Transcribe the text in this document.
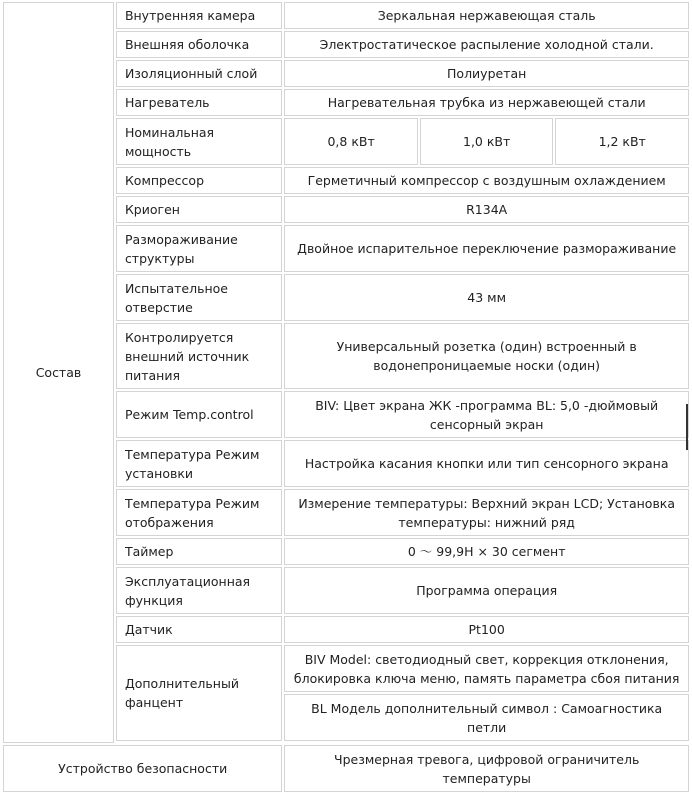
Состав	Внутренняя камера	Зеркальная нержавеющая сталь		
	Внешняя оболочка	Электростатическое распыление холодной стали.		
	Изоляционный слой	Полиуретан		
	Нагреватель	Нагревательная трубка из нержавеющей стали		
	Номинальная мощность	0,8 кВт	1,0 кВт	1,2 кВт
	Компрессор	Герметичный компрессор с воздушным охлаждением		
	Криоген	R134A		
	Размораживание структуры	Двойное испарительное переключение размораживание		
	Испытательное отверстие	43 мм		
	Контролируется внешний источник питания	Универсальный розетка (один) встроенный в водонепроницаемые носки (один)		
	Режим Temp.control	BIV: Цвет экрана ЖК -программа BL: 5,0 -дюймовый сенсорный экран		
	Температура Режим установки	Настройка касания кнопки или тип сенсорного экрана		
	Температура Режим отображения	Измерение температуры: Верхний экран LCD; Установка температуры: нижний ряд		
	Таймер	0 〜 99,9H × 30 сегмент		
	Эксплуатационная функция	Программа операция		
	Датчик	Pt100		
	Дополнительный фанцент	BIV Model: светодиодный свет, коррекция отклонения, блокировка ключа меню, память параметра сбоя питания		
		BL Модель дополнительный символ : Самоагностика петли		

Устройство безопасности		Чрезмерная тревога, цифровой ограничитель температуры		
